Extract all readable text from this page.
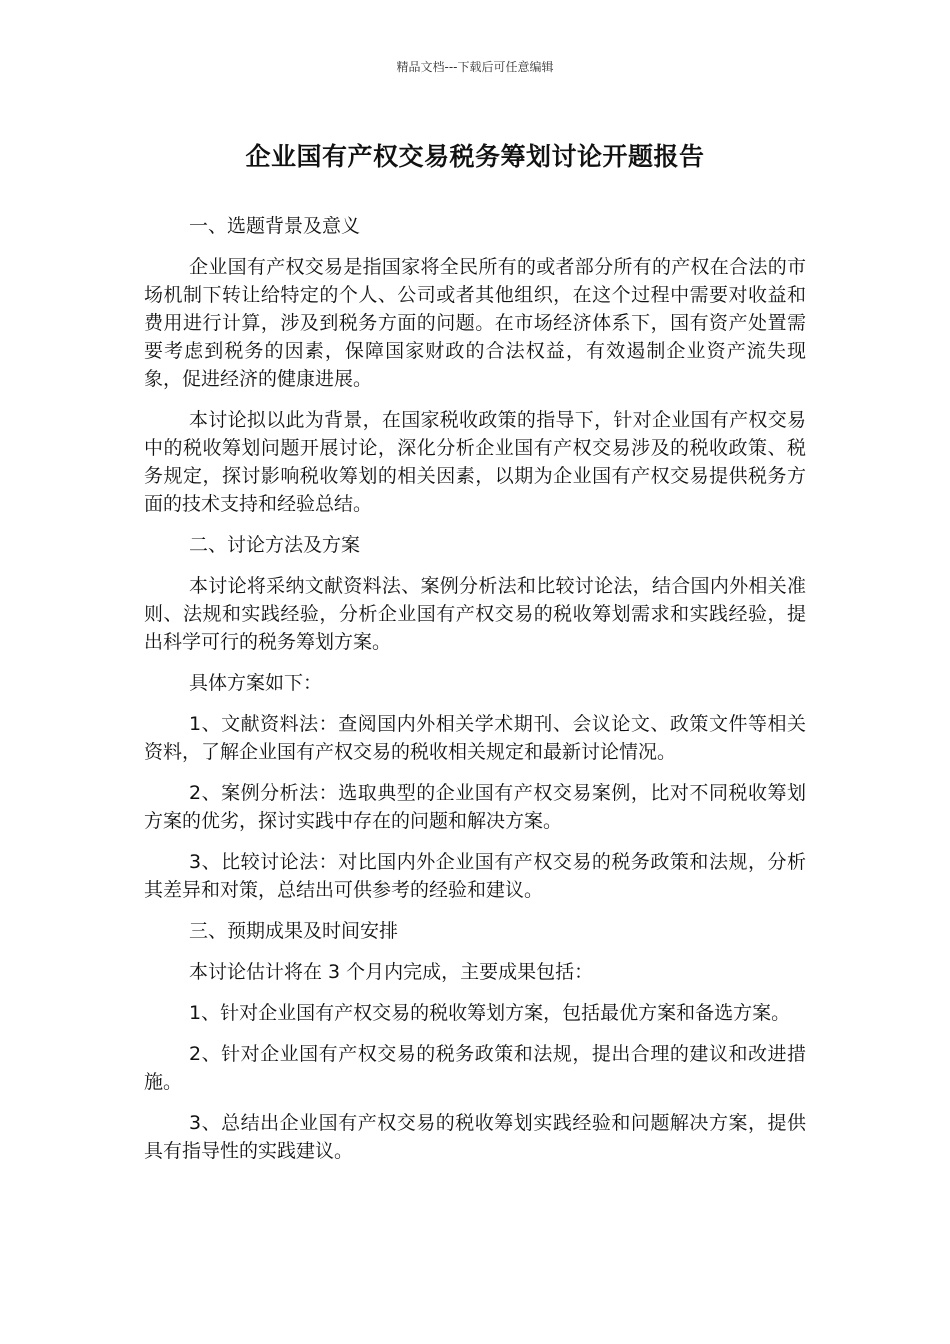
精品文档---下载后可任意编辑
企业国有产权交易税务筹划讨论开题报告

一、选题背景及意义

企业国有产权交易是指国家将全民所有的或者部分所有的产权在合法的市场机制下转让给特定的个人、公司或者其他组织，在这个过程中需要对收益和费用进行计算，涉及到税务方面的问题。在市场经济体系下，国有资产处置需要考虑到税务的因素，保障国家财政的合法权益，有效遏制企业资产流失现象，促进经济的健康进展。

本讨论拟以此为背景，在国家税收政策的指导下，针对企业国有产权交易中的税收筹划问题开展讨论，深化分析企业国有产权交易涉及的税收政策、税务规定，探讨影响税收筹划的相关因素，以期为企业国有产权交易提供税务方面的技术支持和经验总结。

二、讨论方法及方案

本讨论将采纳文献资料法、案例分析法和比较讨论法，结合国内外相关准则、法规和实践经验，分析企业国有产权交易的税收筹划需求和实践经验，提出科学可行的税务筹划方案。

具体方案如下：

1、文献资料法：查阅国内外相关学术期刊、会议论文、政策文件等相关资料，了解企业国有产权交易的税收相关规定和最新讨论情况。

2、案例分析法：选取典型的企业国有产权交易案例，比对不同税收筹划方案的优劣，探讨实践中存在的问题和解决方案。

3、比较讨论法：对比国内外企业国有产权交易的税务政策和法规，分析其差异和对策，总结出可供参考的经验和建议。

三、预期成果及时间安排

本讨论估计将在 3 个月内完成，主要成果包括：

1、针对企业国有产权交易的税收筹划方案，包括最优方案和备选方案。

2、针对企业国有产权交易的税务政策和法规，提出合理的建议和改进措施。

3、总结出企业国有产权交易的税收筹划实践经验和问题解决方案，提供具有指导性的实践建议。
